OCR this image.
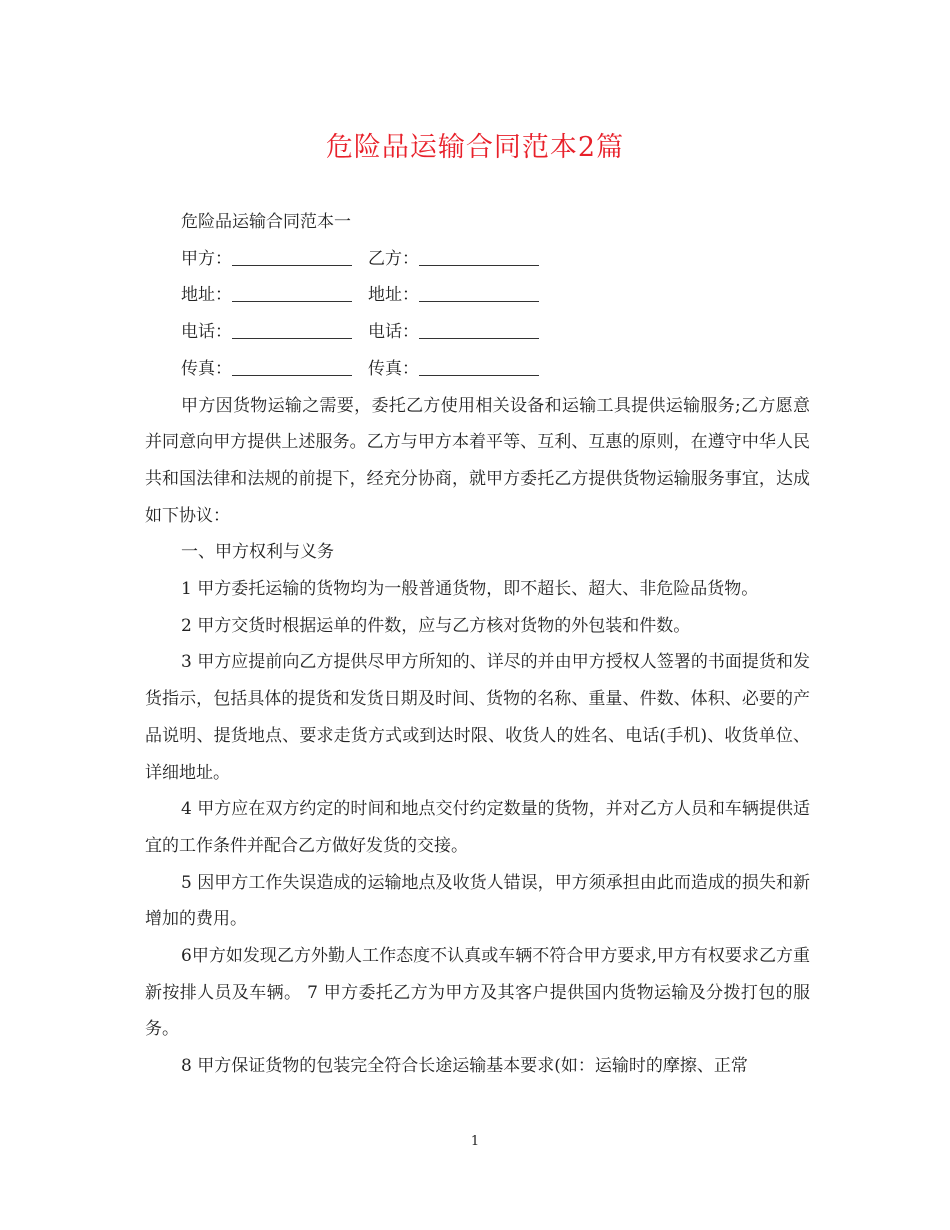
危险品运输合同范本2篇

危险品运输合同范本一

甲方：	乙方：

地址：	地址：

电话：	电话：

传真：	传真：

甲方因货物运输之需要，委托乙方使用相关设备和运输工具提供运输服务;乙方愿意并同意向甲方提供上述服务。乙方与甲方本着平等、互利、互惠的原则，在遵守中华人民共和国法律和法规的前提下，经充分协商，就甲方委托乙方提供货物运输服务事宜，达成如下协议：

一、甲方权利与义务

1 甲方委托运输的货物均为一般普通货物，即不超长、超大、非危险品货物。

2 甲方交货时根据运单的件数，应与乙方核对货物的外包装和件数。

3 甲方应提前向乙方提供尽甲方所知的、详尽的并由甲方授权人签署的书面提货和发货指示，包括具体的提货和发货日期及时间、货物的名称、重量、件数、体积、必要的产品说明、提货地点、要求走货方式或到达时限、收货人的姓名、电话(手机)、收货单位、详细地址。

4 甲方应在双方约定的时间和地点交付约定数量的货物，并对乙方人员和车辆提供适宜的工作条件并配合乙方做好发货的交接。

5 因甲方工作失误造成的运输地点及收货人错误，甲方须承担由此而造成的损失和新增加的费用。

6甲方如发现乙方外勤人工作态度不认真或车辆不符合甲方要求,甲方有权要求乙方重新按排人员及车辆。 7 甲方委托乙方为甲方及其客户提供国内货物运输及分拨打包的服务。

8 甲方保证货物的包装完全符合长途运输基本要求(如：运输时的摩擦、正常

1
